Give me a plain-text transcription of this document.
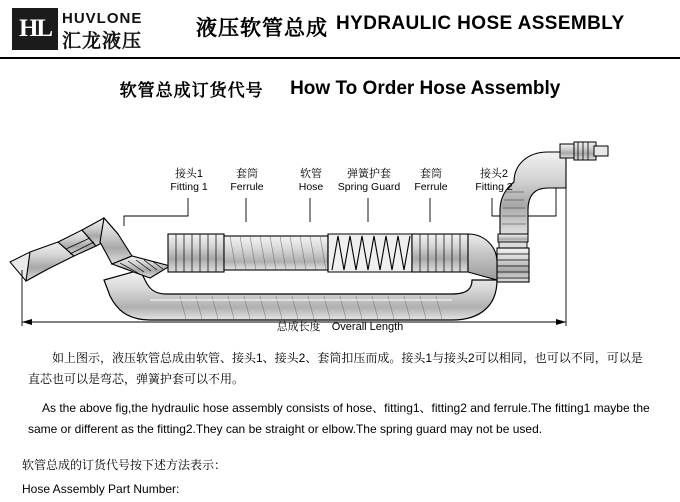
HL HUVLONE
汇龙液压
液压软管总成 HYDRAULIC HOSE ASSEMBLY
软管总成订货代号 How To Order Hose Assembly
接头1
Fitting 1
套筒
Ferrule
软管
Hose
弹簧护套
Spring Guard
套筒
Ferrule
接头2
Fitting 2
总成长度 Overall Length
如上图示，液压软管总成由软管、接头1、接头2、套筒扣压而成。接头1与接头2可以相同，也可以不同，可以是直芯也可以是弯芯，弹簧护套可以不用。
As the above fig,the hydraulic hose assembly consists of hose、fitting1、fitting2 and ferrule.The fitting1 maybe the same or different as the fitting2.They can be straight or elbow.The spring guard may not be used.
软管总成的订货代号按下述方法表示：
Hose Assembly Part Number:
